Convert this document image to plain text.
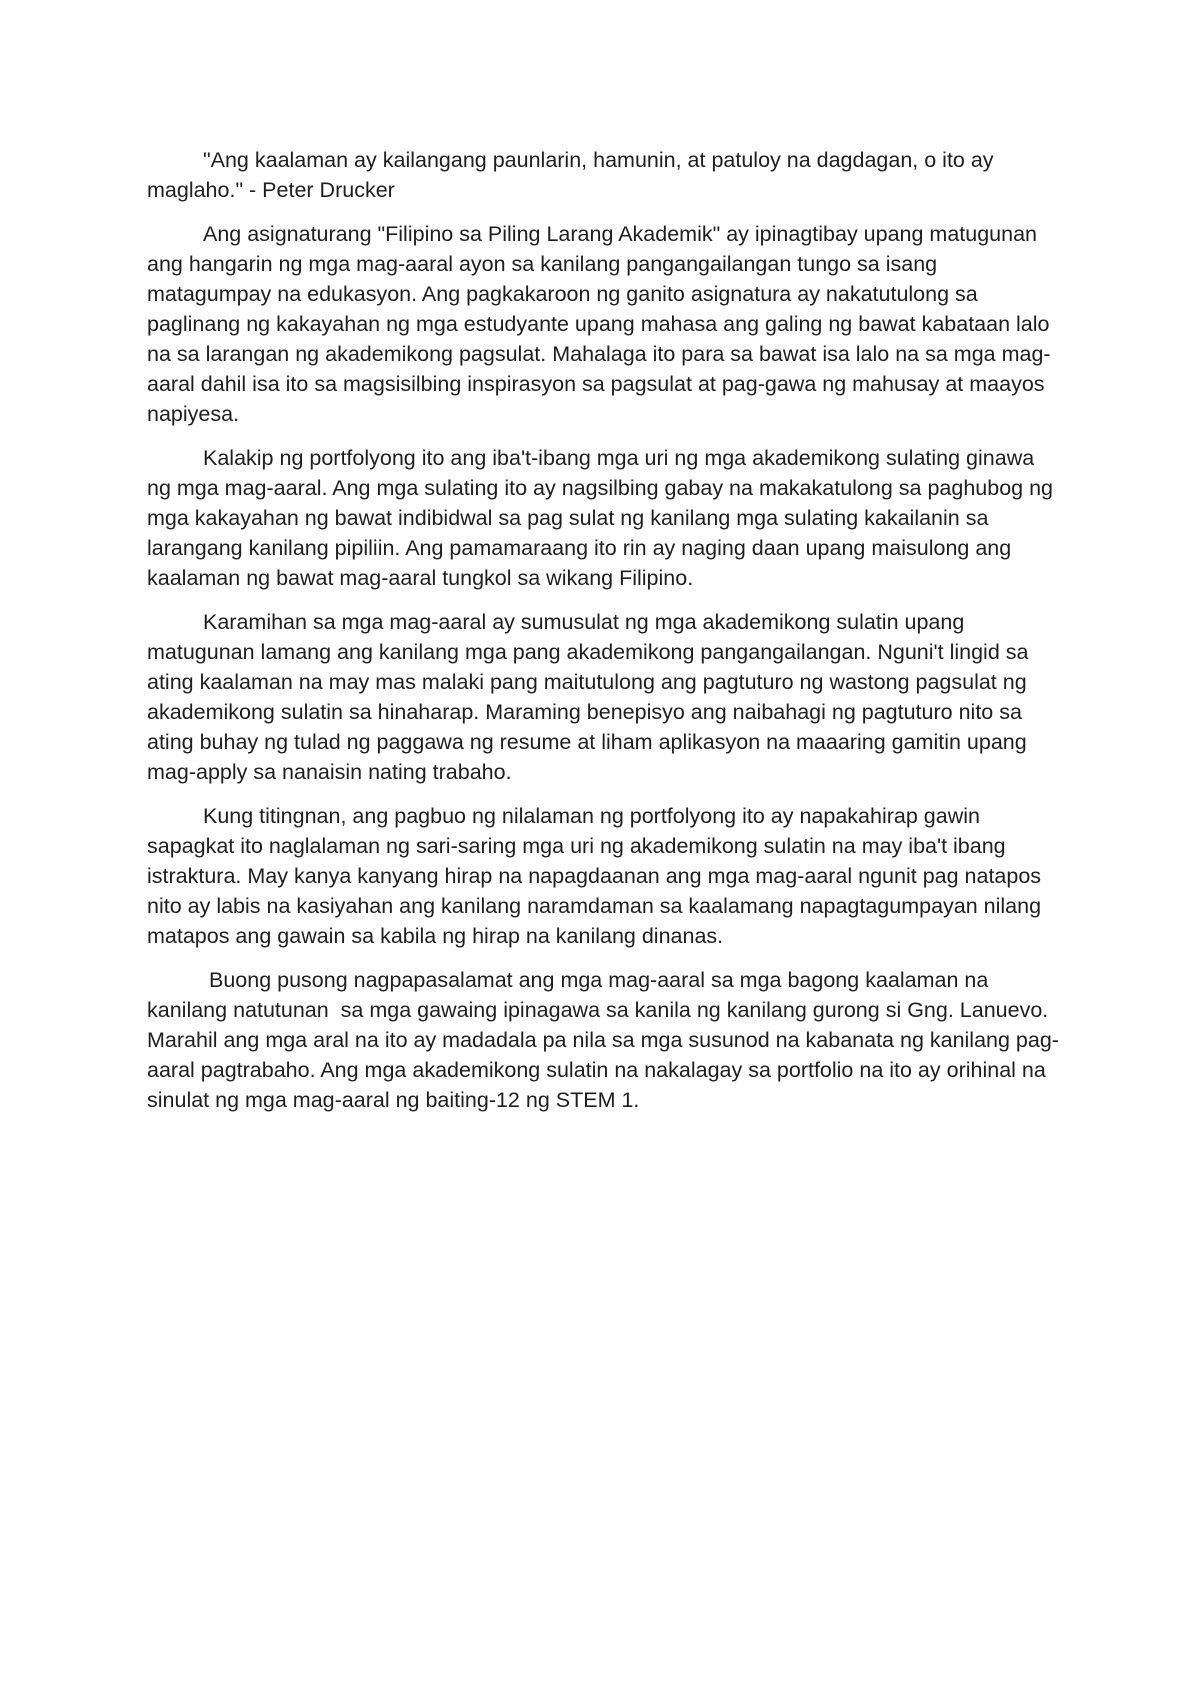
"Ang kaalaman ay kailangang paunlarin, hamunin, at patuloy na dagdagan, o ito ay maglaho." - Peter Drucker

Ang asignaturang "Filipino sa Piling Larang Akademik" ay ipinagtibay upang matugunan ang hangarin ng mga mag-aaral ayon sa kanilang pangangailangan tungo sa isang matagumpay na edukasyon. Ang pagkakaroon ng ganito asignatura ay nakatutulong sa paglinang ng kakayahan ng mga estudyante upang mahasa ang galing ng bawat kabataan lalo na sa larangan ng akademikong pagsulat. Mahalaga ito para sa bawat isa lalo na sa mga mag-aaral dahil isa ito sa magsisilbing inspirasyon sa pagsulat at pag-gawa ng mahusay at maayos napiyesa.

Kalakip ng portfolyong ito ang iba't-ibang mga uri ng mga akademikong sulating ginawa ng mga mag-aaral. Ang mga sulating ito ay nagsilbing gabay na makakatulong sa paghubog ng mga kakayahan ng bawat indibidwal sa pag sulat ng kanilang mga sulating kakailanin sa larangang kanilang pipiliin. Ang pamamaraang ito rin ay naging daan upang maisulong ang kaalaman ng bawat mag-aaral tungkol sa wikang Filipino.

Karamihan sa mga mag-aaral ay sumusulat ng mga akademikong sulatin upang matugunan lamang ang kanilang mga pang akademikong pangangailangan. Nguni't lingid sa ating kaalaman na may mas malaki pang maitutulong ang pagtuturo ng wastong pagsulat ng akademikong sulatin sa hinaharap. Maraming benepisyo ang naibahagi ng pagtuturo nito sa ating buhay ng tulad ng paggawa ng resume at liham aplikasyon na maaaring gamitin upang mag-apply sa nanaisin nating trabaho.

Kung titingnan, ang pagbuo ng nilalaman ng portfolyong ito ay napakahirap gawin sapagkat ito naglalaman ng sari-saring mga uri ng akademikong sulatin na may iba't ibang istraktura. May kanya kanyang hirap na napagdaanan ang mga mag-aaral ngunit pag natapos nito ay labis na kasiyahan ang kanilang naramdaman sa kaalamang napagtagumpayan nilang matapos ang gawain sa kabila ng hirap na kanilang dinanas.

Buong pusong nagpapasalamat ang mga mag-aaral sa mga bagong kaalaman na kanilang natutunan  sa mga gawaing ipinagawa sa kanila ng kanilang gurong si Gng. Lanuevo. Marahil ang mga aral na ito ay madadala pa nila sa mga susunod na kabanata ng kanilang pag-aaral pagtrabaho. Ang mga akademikong sulatin na nakalagay sa portfolio na ito ay orihinal na sinulat ng mga mag-aaral ng baiting-12 ng STEM 1.
